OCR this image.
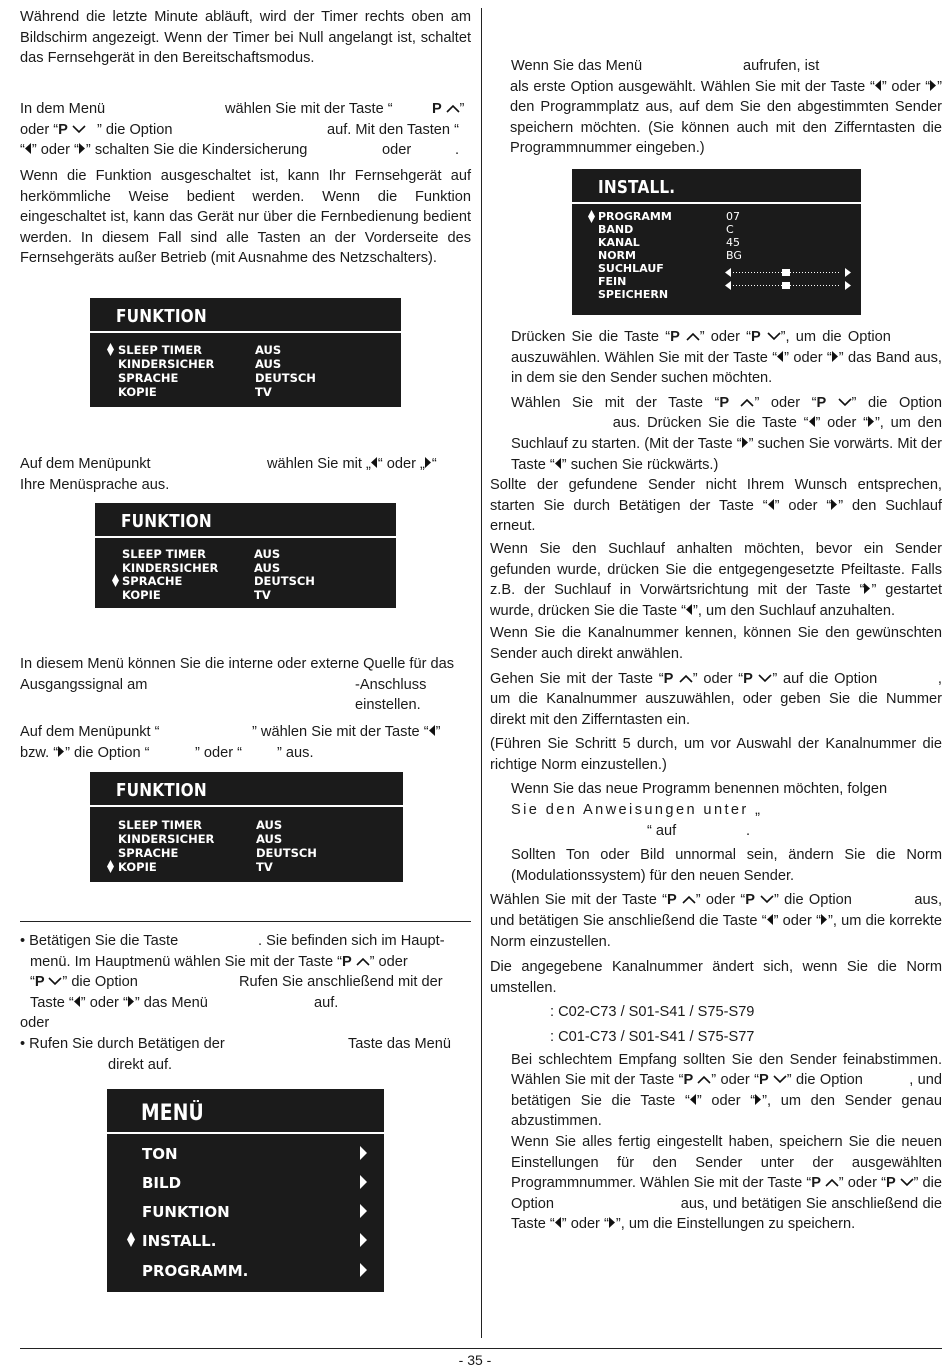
Während die letzte Minute abläuft, wird der Timer rechts oben am Bildschirm angezeigt. Wenn der Timer bei Null angelangt ist, schaltet das Fernsehgerät in den Bereitschaftsmodus.

In dem Menü	wählen Sie mit der Taste “	P ”
oder “P	” die Option	auf. Mit den Tasten “
“ ” oder “ ” schalten Sie die Kindersicherung	oder	.

Wenn die Funktion ausgeschaltet ist, kann Ihr Fernsehgerät auf herkömmliche Weise bedient werden. Wenn die Funktion eingeschaltet ist, kann das Gerät nur über die Fernbedienung bedient werden. In diesem Fall sind alle Tasten an der Vorderseite des Fernsehgeräts außer Betrieb (mit Ausnahme des Netzschalters).

FUNKTION
SLEEP TIMER	AUS
KINDERSICHER	AUS
SPRACHE	DEUTSCH
KOPIE	TV
Auf dem Menüpunkt	wählen Sie mit „ “ oder „ “
Ihre Menüsprache aus.
FUNKTION
SLEEP TIMER	AUS
KINDERSICHER	AUS
SPRACHE	DEUTSCH
KOPIE	TV
In diesem Menü können Sie die interne oder externe Quelle für das Ausgangssignal am	-Anschluss einstellen.
Auf dem Menüpunkt “	” wählen Sie mit der Taste “ ”
bzw. “ ” die Option “	” oder “ ” aus.
FUNKTION
SLEEP TIMER	AUS
KINDERSICHER	AUS
SPRACHE	DEUTSCH
KOPIE	TV
• Betätigen Sie die Taste	. Sie befinden sich im Haupt-
menü. Im Hauptmenü wählen Sie mit der Taste “P ” oder
“P ” die Option	Rufen Sie anschließend mit der
Taste “ ” oder “ ” das Menü	auf.
oder
• Rufen Sie durch Betätigen der	Taste das Menü
direkt auf.
MENÜ
TON
BILD
FUNKTION
INSTALL.
PROGRAMM.
Wenn Sie das Menü	aufrufen, ist
als erste Option ausgewählt. Wählen Sie mit der Taste “ ” oder “ ” den Programmplatz aus, auf dem Sie den abgestimmten Sender speichern möchten. (Sie können auch mit den Zifferntasten die Programmnummer eingeben.)
INSTALL.
PROGRAMM	07
BAND	C
KANAL	45
NORM	BG
SUCHLAUF
FEIN
SPEICHERN
Drücken Sie die Taste “P ” oder “P ”, um die Option  auszuwählen. Wählen Sie mit der Taste “ ” oder “ ” das Band aus, in dem sie den Sender suchen möchten.
Wählen Sie mit der Taste “P ” oder “P ” die Option  aus. Drücken Sie die Taste “ ” oder “ ”, um den Suchlauf zu starten. (Mit der Taste “ ” suchen Sie vorwärts. Mit der Taste “ ” suchen Sie rückwärts.)
Sollte der gefundene Sender nicht Ihrem Wunsch entsprechen, starten Sie durch Betätigen der Taste “ ” oder “ ” den Suchlauf erneut.
Wenn Sie den Suchlauf anhalten möchten, bevor ein Sender gefunden wurde, drücken Sie die entgegengesetzte Pfeiltaste. Falls z.B. der Suchlauf in Vorwärtsrichtung mit der Taste “ ” gestartet wurde, drücken Sie die Taste “ ”, um den Suchlauf anzuhalten.
Wenn Sie die Kanalnummer kennen, können Sie den gewünschten Sender auch direkt anwählen.
Gehen Sie mit der Taste “P ” oder “P ” auf die Option	, um die Kanalnummer auszuwählen, oder geben Sie die Nummer direkt mit den Zifferntasten ein.
(Führen Sie Schritt 5 durch, um vor Auswahl der Kanalnummer die richtige Norm einzustellen.)
Wenn Sie das neue Programm benennen möchten, folgen
Sie den Anweisungen unter „
“ auf	.
Sollten Ton oder Bild unnormal sein, ändern Sie die Norm (Modulationssystem) für den neuen Sender.
Wählen Sie mit der Taste “P ” oder “P ” die Option	aus, und betätigen Sie anschließend die Taste “ ” oder “ ”, um die korrekte Norm einzustellen.
Die angegebene Kanalnummer ändert sich, wenn Sie die Norm umstellen.
: C02-C73 / S01-S41 / S75-S79
: C01-C73 / S01-S41 / S75-S77
Bei schlechtem Empfang sollten Sie den Sender feinabstimmen. Wählen Sie mit der Taste “P ” oder “P ” die Option	, und betätigen Sie die Taste “ ” oder “ ”, um den Sender genau abzustimmen.
Wenn Sie alles fertig eingestellt haben, speichern Sie die neuen Einstellungen für den Sender unter der ausgewählten Programmnummer. Wählen Sie mit der Taste “P ” oder “P ” die Option	aus, und betätigen Sie anschließend die Taste “ ” oder “ ”, um die Einstellungen zu speichern.
- 35 -
